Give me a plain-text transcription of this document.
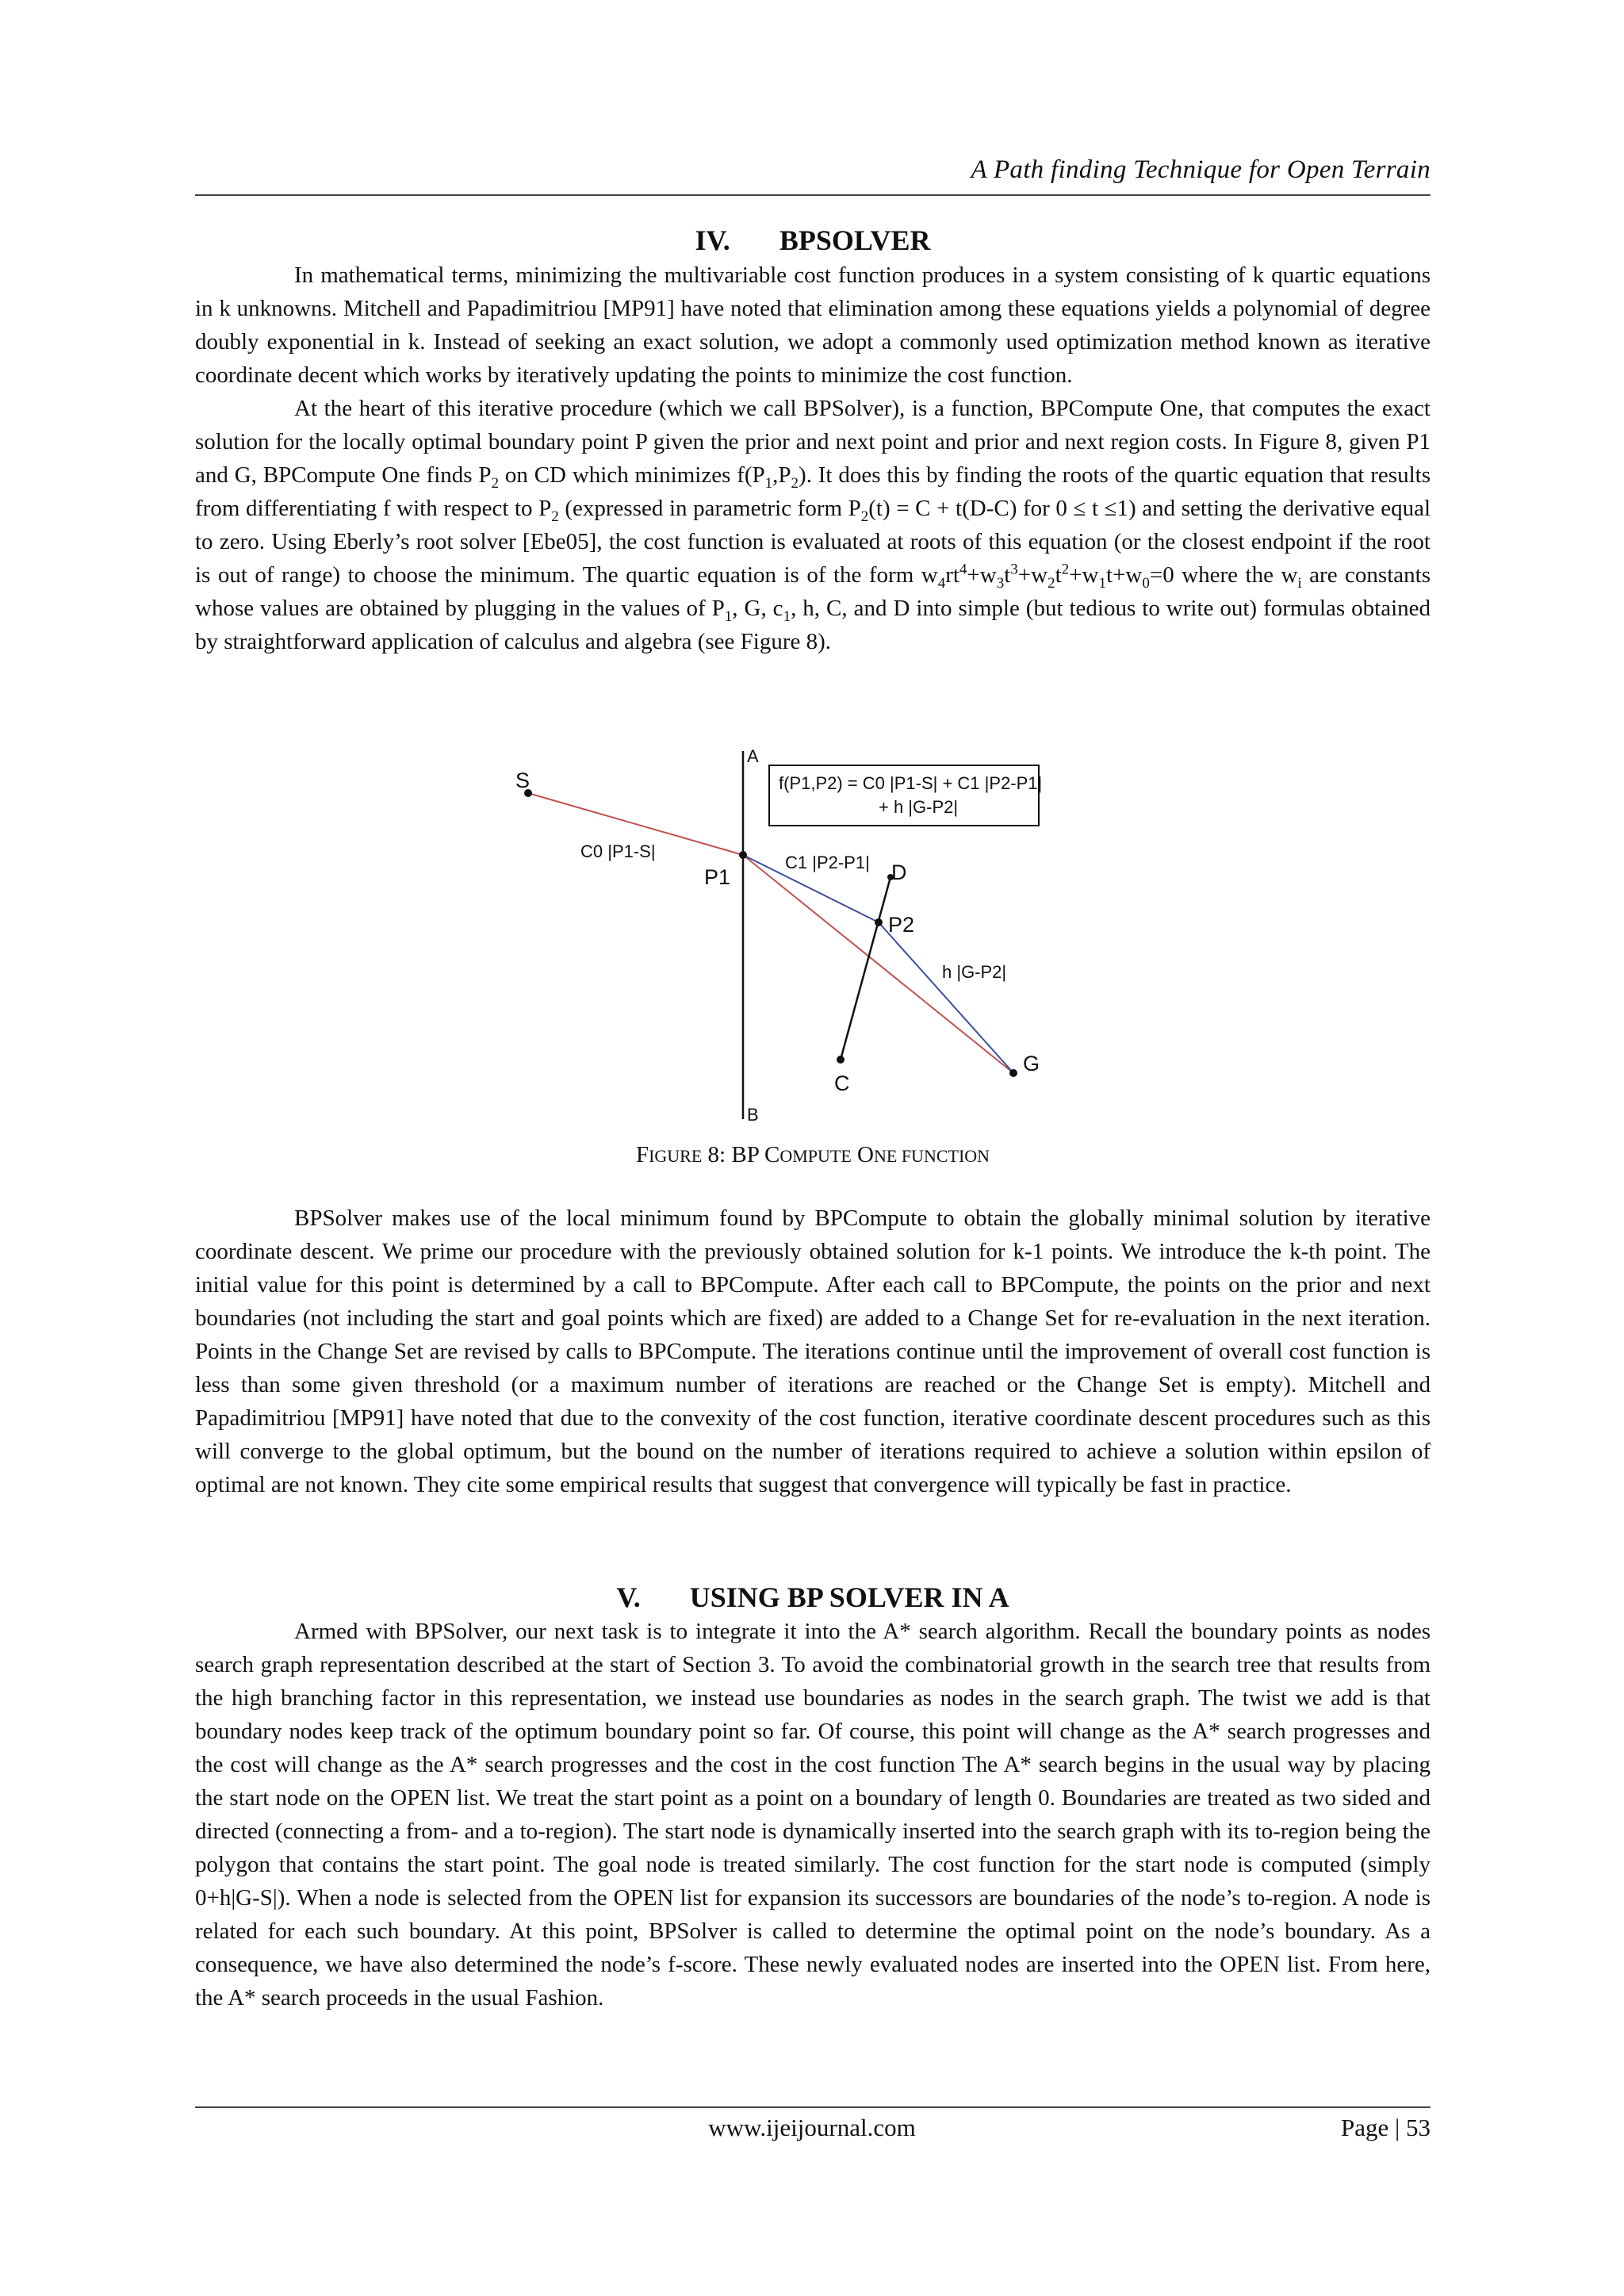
A Path finding Technique for Open Terrain
IV. BPSOLVER

In mathematical terms, minimizing the multivariable cost function produces in a system consisting of k quartic equations in k unknowns. Mitchell and Papadimitriou [MP91] have noted that elimination among these equations yields a polynomial of degree doubly exponential in k. Instead of seeking an exact solution, we adopt a commonly used optimization method known as iterative coordinate decent which works by iteratively updating the points to minimize the cost function.

At the heart of this iterative procedure (which we call BPSolver), is a function, BPCompute One, that computes the exact solution for the locally optimal boundary point P given the prior and next point and prior and next region costs. In Figure 8, given P1 and G, BPCompute One finds $P_2$ on CD which minimizes $f(P_1,P_2)$. It does this by finding the roots of the quartic equation that results from differentiating f with respect to $P_2$ (expressed in parametric form $P_2(t) = C + t(D-C)$ for 0 ≤ t ≤1) and setting the derivative equal to zero. Using Eberly’s root solver [Ebe05], the cost function is evaluated at roots of this equation (or the closest endpoint if the root is out of range) to choose the minimum. The quartic equation is of the form $w_4rt^4+w_3t^3+w_2t^2+w_1t+w_0=0$ where the $w_i$ are constants whose values are obtained by plugging in the values of $P_1$, G, $c_1$, h, C, and D into simple (but tedious to write out) formulas obtained by straightforward application of calculus and algebra (see Figure 8).

f(P1,P2) = C0 |P1-S| + C1 |P2-P1|
+ h |G-P2|
S
A
B
P1
P2
D
C
G
C0 |P1-S|
C1 |P2-P1|
h |G-P2|
FIGURE 8: BP COMPUTE ONE FUNCTION

BPSolver makes use of the local minimum found by BPCompute to obtain the globally minimal solution by iterative coordinate descent. We prime our procedure with the previously obtained solution for k-1 points. We introduce the k-th point. The initial value for this point is determined by a call to BPCompute. After each call to BPCompute, the points on the prior and next boundaries (not including the start and goal points which are fixed) are added to a Change Set for re-evaluation in the next iteration. Points in the Change Set are revised by calls to BPCompute. The iterations continue until the improvement of overall cost function is less than some given threshold (or a maximum number of iterations are reached or the Change Set is empty). Mitchell and Papadimitriou [MP91] have noted that due to the convexity of the cost function, iterative coordinate descent procedures such as this will converge to the global optimum, but the bound on the number of iterations required to achieve a solution within epsilon of optimal are not known. They cite some empirical results that suggest that convergence will typically be fast in practice.

V. USING BP SOLVER IN A

Armed with BPSolver, our next task is to integrate it into the A* search algorithm. Recall the boundary points as nodes search graph representation described at the start of Section 3. To avoid the combinatorial growth in the search tree that results from the high branching factor in this representation, we instead use boundaries as nodes in the search graph. The twist we add is that boundary nodes keep track of the optimum boundary point so far. Of course, this point will change as the A* search progresses and the cost will change as the A* search progresses and the cost in the cost function The A* search begins in the usual way by placing the start node on the OPEN list. We treat the start point as a point on a boundary of length 0. Boundaries are treated as two sided and directed (connecting a from- and a to-region). The start node is dynamically inserted into the search graph with its to-region being the polygon that contains the start point. The goal node is treated similarly. The cost function for the start node is computed (simply 0+h|G-S|). When a node is selected from the OPEN list for expansion its successors are boundaries of the node’s to-region. A node is related for each such boundary. At this point, BPSolver is called to determine the optimal point on the node’s boundary. As a consequence, we have also determined the node’s f-score. These newly evaluated nodes are inserted into the OPEN list. From here, the A* search proceeds in the usual Fashion.

www.ijeijournal.com	Page | 53
